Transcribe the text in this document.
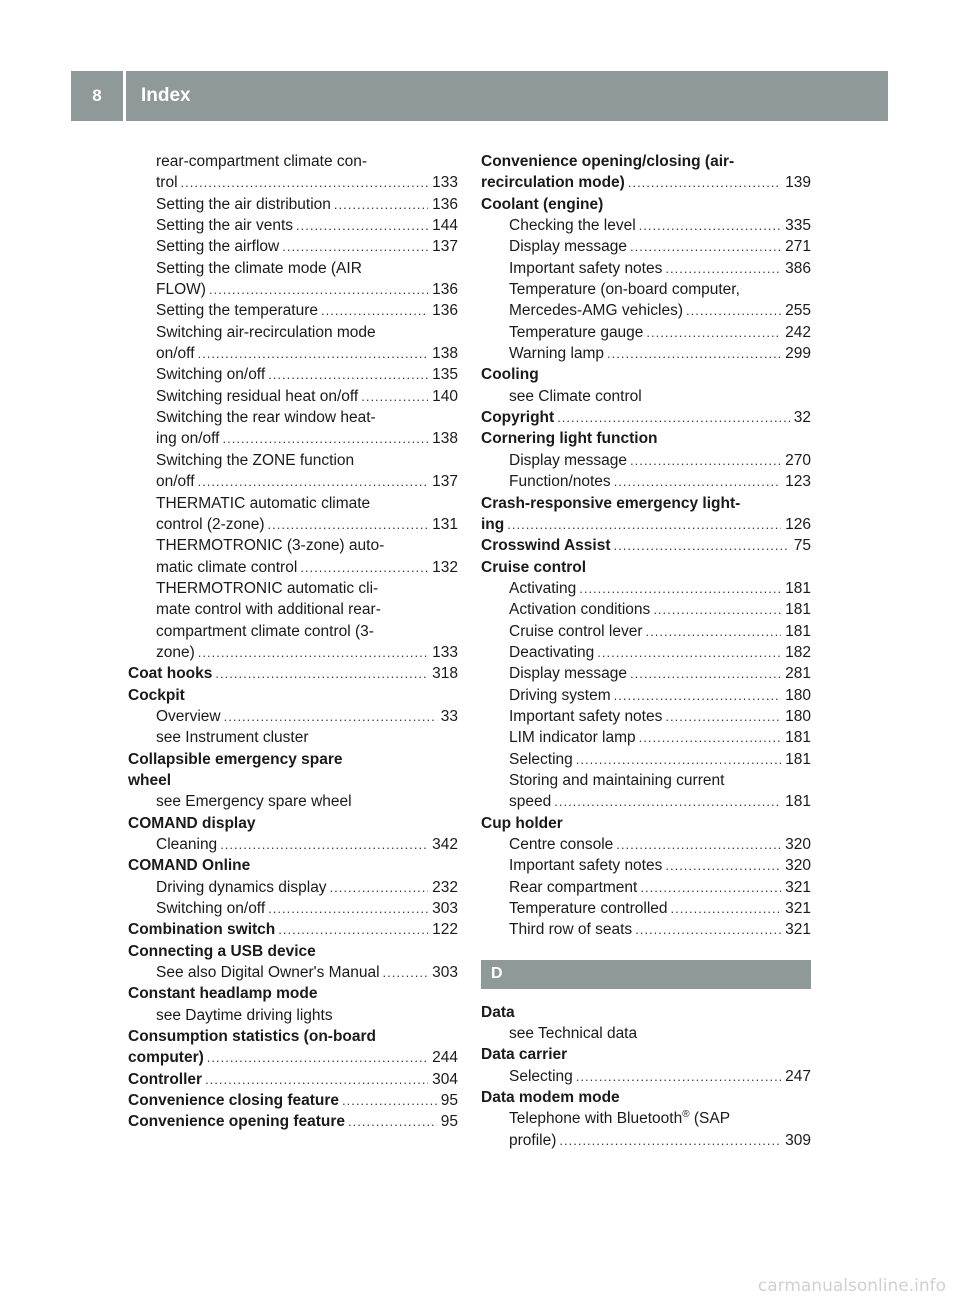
8	Index
rear-compartment climate con-
trol .....	133
Setting the air distribution .....	136
Setting the air vents .....	144
Setting the airflow .....	137
Setting the climate mode (AIR
FLOW) .....	136
Setting the temperature .....	136
Switching air-recirculation mode
on/off .....	138
Switching on/off .....	135
Switching residual heat on/off .....	140
Switching the rear window heat-
ing on/off .....	138
Switching the ZONE function
on/off .....	137
THERMATIC automatic climate
control (2-zone) .....	131
THERMOTRONIC (3-zone) auto-
matic climate control .....	132
THERMOTRONIC automatic cli-
mate control with additional rear-
compartment climate control (3-
zone) .....	133
Coat hooks .....	318
Cockpit
Overview .....	33
see Instrument cluster
Collapsible emergency spare
wheel
see Emergency spare wheel
COMAND display
Cleaning .....	342
COMAND Online
Driving dynamics display .....	232
Switching on/off .....	303
Combination switch .....	122
Connecting a USB device
See also Digital Owner's Manual .....	303
Constant headlamp mode
see Daytime driving lights
Consumption statistics (on-board
computer) .....	244
Controller .....	304
Convenience closing feature .....	95
Convenience opening feature .....	95
Convenience opening/closing (air-
recirculation mode) .....	139
Coolant (engine)
Checking the level .....	335
Display message .....	271
Important safety notes .....	386
Temperature (on-board computer,
Mercedes-AMG vehicles) .....	255
Temperature gauge .....	242
Warning lamp .....	299
Cooling
see Climate control
Copyright .....	32
Cornering light function
Display message .....	270
Function/notes .....	123
Crash-responsive emergency light-
ing .....	126
Crosswind Assist .....	75
Cruise control
Activating .....	181
Activation conditions .....	181
Cruise control lever .....	181
Deactivating .....	182
Display message .....	281
Driving system .....	180
Important safety notes .....	180
LIM indicator lamp .....	181
Selecting .....	181
Storing and maintaining current
speed .....	181
Cup holder
Centre console .....	320
Important safety notes .....	320
Rear compartment .....	321
Temperature controlled .....	321
Third row of seats .....	321
D
Data
see Technical data
Data carrier
Selecting .....	247
Data modem mode
Telephone with Bluetooth® (SAP
profile) .....	309
carmanualsonline.info
